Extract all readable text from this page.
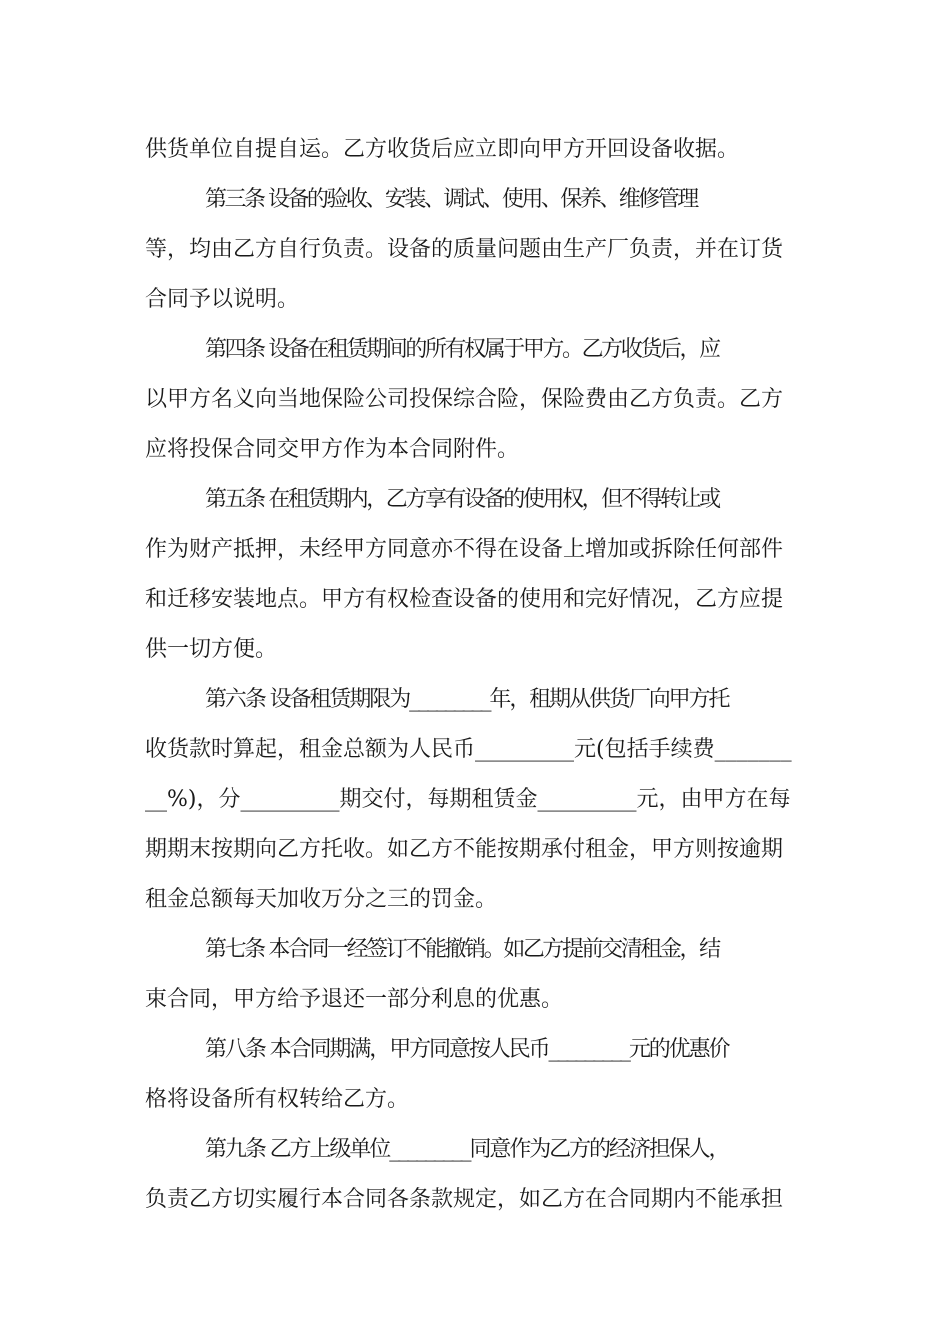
供货单位自提自运。乙方收货后应立即向甲方开回设备收据。

第三条 设备的验收、安装、调试、使用、保养、维修管理

等，均由乙方自行负责。设备的质量问题由生产厂负责，并在订货

合同予以说明。

第四条 设备在租赁期间的所有权属于甲方。乙方收货后，应

以甲方名义向当地保险公司投保综合险，保险费由乙方负责。乙方

应将投保合同交甲方作为本合同附件。

第五条 在租赁期内，乙方享有设备的使用权，但不得转让或

作为财产抵押，未经甲方同意亦不得在设备上增加或拆除任何部件

和迁移安装地点。甲方有权检查设备的使用和完好情况，乙方应提

供一切方便。

第六条 设备租赁期限为_________年，租期从供货厂向甲方托

收货款时算起，租金总额为人民币_________元(包括手续费_______

__%)，分_________期交付，每期租赁金_________元，由甲方在每

期期末按期向乙方托收。如乙方不能按期承付租金，甲方则按逾期

租金总额每天加收万分之三的罚金。

第七条 本合同一经签订不能撤销。如乙方提前交清租金，结

束合同，甲方给予退还一部分利息的优惠。

第八条 本合同期满，甲方同意按人民币_________元的优惠价

格将设备所有权转给乙方。

第九条 乙方上级单位_________同意作为乙方的经济担保人，

负责乙方切实履行本合同各条款规定，如乙方在合同期内不能承担
